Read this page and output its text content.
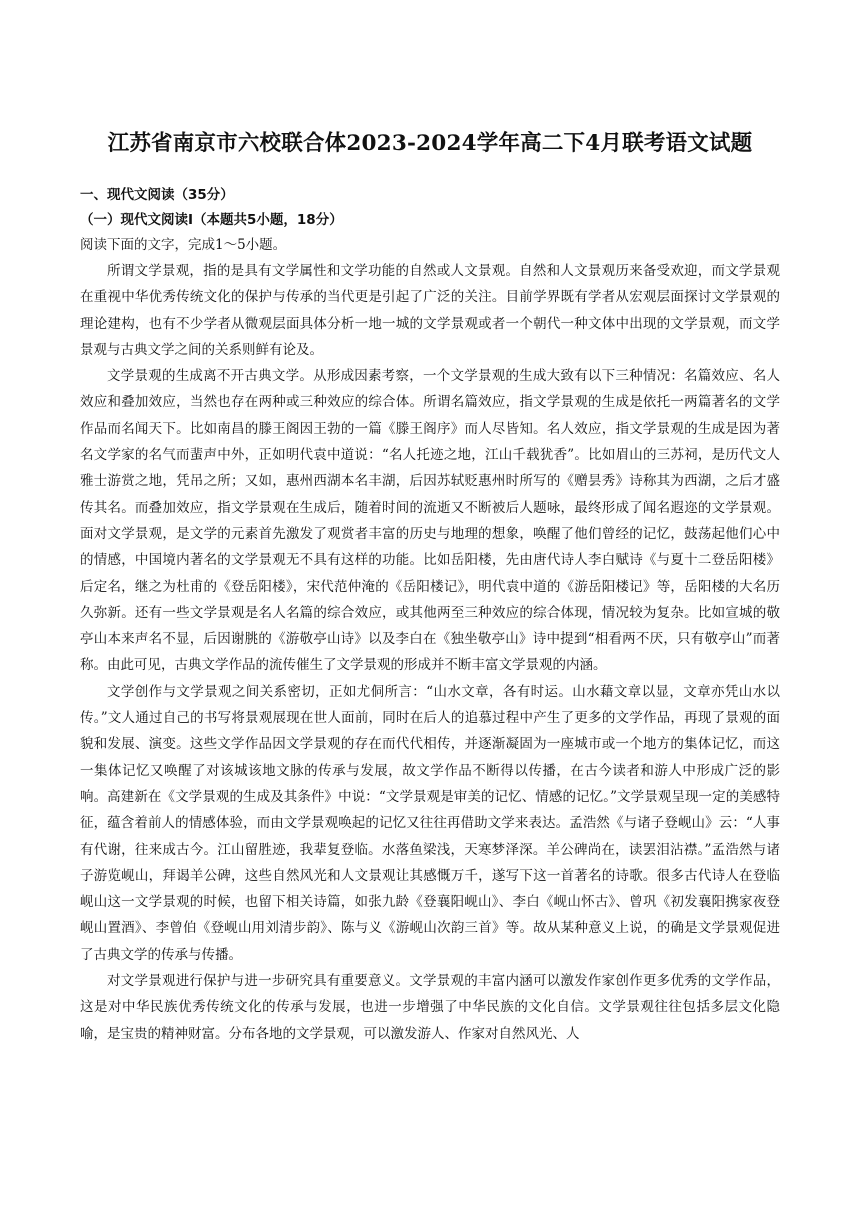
江苏省南京市六校联合体2023-2024学年高二下4月联考语文试题
一、现代文阅读（35分）
（一）现代文阅读Ⅰ（本题共5小题，18分）

阅读下面的文字，完成1～5小题。

所谓文学景观，指的是具有文学属性和文学功能的自然或人文景观。自然和人文景观历来备受欢迎，而文学景观在重视中华优秀传统文化的保护与传承的当代更是引起了广泛的关注。目前学界既有学者从宏观层面探讨文学景观的理论建构，也有不少学者从微观层面具体分析一地一城的文学景观或者一个朝代一种文体中出现的文学景观，而文学景观与古典文学之间的关系则鲜有论及。

文学景观的生成离不开古典文学。从形成因素考察，一个文学景观的生成大致有以下三种情况：名篇效应、名人效应和叠加效应，当然也存在两种或三种效应的综合体。所谓名篇效应，指文学景观的生成是依托一两篇著名的文学作品而名闻天下。比如南昌的滕王阁因王勃的一篇《滕王阁序》而人尽皆知。名人效应，指文学景观的生成是因为著名文学家的名气而蜚声中外，正如明代袁中道说：“名人托迹之地，江山千载犹香”。比如眉山的三苏祠，是历代文人雅士游赏之地，凭吊之所；又如，惠州西湖本名丰湖，后因苏轼贬惠州时所写的《赠昙秀》诗称其为西湖，之后才盛传其名。而叠加效应，指文学景观在生成后，随着时间的流逝又不断被后人题咏，最终形成了闻名遐迩的文学景观。面对文学景观，是文学的元素首先激发了观赏者丰富的历史与地理的想象，唤醒了他们曾经的记忆，鼓荡起他们心中的情感，中国境内著名的文学景观无不具有这样的功能。比如岳阳楼，先由唐代诗人李白赋诗《与夏十二登岳阳楼》后定名，继之为杜甫的《登岳阳楼》，宋代范仲淹的《岳阳楼记》，明代袁中道的《游岳阳楼记》等，岳阳楼的大名历久弥新。还有一些文学景观是名人名篇的综合效应，或其他两至三种效应的综合体现，情况较为复杂。比如宣城的敬亭山本来声名不显，后因谢朓的《游敬亭山诗》以及李白在《独坐敬亭山》诗中提到“相看两不厌，只有敬亭山”而著称。由此可见，古典文学作品的流传催生了文学景观的形成并不断丰富文学景观的内涵。

文学创作与文学景观之间关系密切，正如尤侗所言：“山水文章，各有时运。山水藉文章以显，文章亦凭山水以传。”文人通过自己的书写将景观展现在世人面前，同时在后人的追慕过程中产生了更多的文学作品，再现了景观的面貌和发展、演变。这些文学作品因文学景观的存在而代代相传，并逐渐凝固为一座城市或一个地方的集体记忆，而这一集体记忆又唤醒了对该城该地文脉的传承与发展，故文学作品不断得以传播，在古今读者和游人中形成广泛的影响。高建新在《文学景观的生成及其条件》中说：“文学景观是审美的记忆、情感的记忆。”文学景观呈现一定的美感特征，蕴含着前人的情感体验，而由文学景观唤起的记忆又往往再借助文学来表达。孟浩然《与诸子登岘山》云：“人事有代谢，往来成古今。江山留胜迹，我辈复登临。水落鱼梁浅，天寒梦泽深。羊公碑尚在，读罢泪沾襟。”孟浩然与诸子游览岘山，拜谒羊公碑，这些自然风光和人文景观让其感慨万千，遂写下这一首著名的诗歌。很多古代诗人在登临岘山这一文学景观的时候，也留下相关诗篇，如张九龄《登襄阳岘山》、李白《岘山怀古》、曾巩《初发襄阳携家夜登岘山置酒》、李曾伯《登岘山用刘清步韵》、陈与义《游岘山次韵三首》等。故从某种意义上说，的确是文学景观促进了古典文学的传承与传播。

对文学景观进行保护与进一步研究具有重要意义。文学景观的丰富内涵可以激发作家创作更多优秀的文学作品，这是对中华民族优秀传统文化的传承与发展，也进一步增强了中华民族的文化自信。文学景观往往包括多层文化隐喻，是宝贵的精神财富。分布各地的文学景观，可以激发游人、作家对自然风光、人
